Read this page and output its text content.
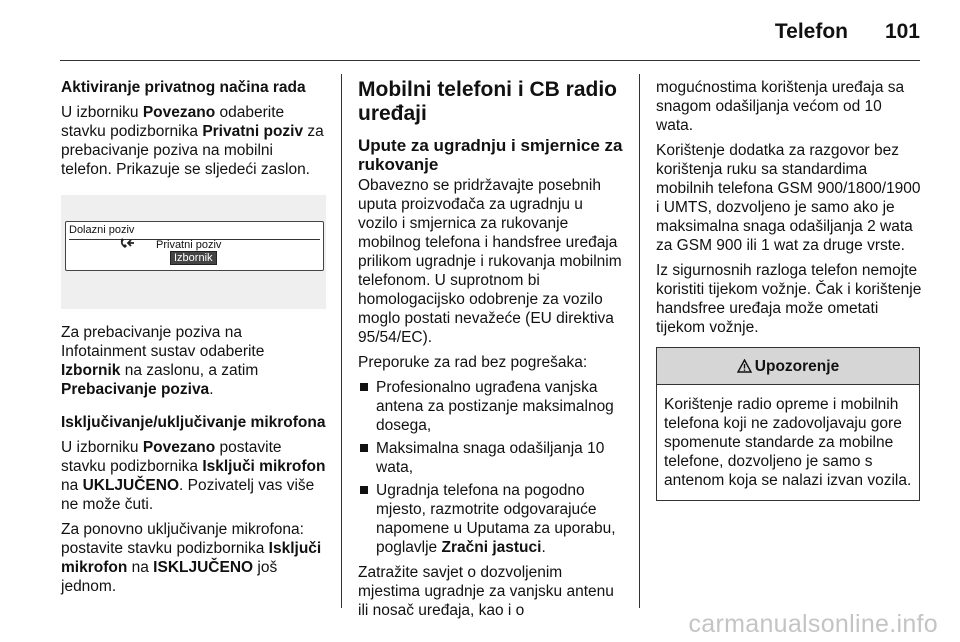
Telefon 101

Aktiviranje privatnog načina rada

U izborniku Povezano odaberite stavku podizbornika Privatni poziv za prebacivanje poziva na mobilni telefon. Prikazuje se sljedeći zaslon.

Dolazni poziv
Privatni poziv
Izbornik

Za prebacivanje poziva na Infotainment sustav odaberite Izbornik na zaslonu, a zatim Prebacivanje poziva.

Isključivanje/uključivanje mikrofona

U izborniku Povezano postavite stavku podizbornika Isključi mikrofon na UKLJUČENO. Pozivatelj vas više ne može čuti.

Za ponovno uključivanje mikrofona: postavite stavku podizbornika Isključi mikrofon na ISKLJUČENO još jednom.

Mobilni telefoni i CB radio uređaji
Upute za ugradnju i smjernice za rukovanje

Obavezno se pridržavajte posebnih uputa proizvođača za ugradnju u vozilo i smjernica za rukovanje mobilnog telefona i handsfree uređaja prilikom ugradnje i rukovanja mobilnim telefonom. U suprotnom bi homologacijsko odobrenje za vozilo moglo postati nevažeće (EU direktiva 95/54/EC).

Preporuke za rad bez pogrešaka:

Profesionalno ugrađena vanjska antena za postizanje maksimalnog dosega,
Maksimalna snaga odašiljanja 10 wata,
Ugradnja telefona na pogodno mjesto, razmotrite odgovarajuće napomene u Uputama za uporabu, poglavlje Zračni jastuci.

Zatražite savjet o dozvoljenim mjestima ugradnje za vanjsku antenu ili nosač uređaja, kao i o

mogućnostima korištenja uređaja sa snagom odašiljanja većom od 10 wata.

Korištenje dodatka za razgovor bez korištenja ruku sa standardima mobilnih telefona GSM 900/1800/1900 i UMTS, dozvoljeno je samo ako je maksimalna snaga odašiljanja 2 wata za GSM 900 ili 1 wat za druge vrste.

Iz sigurnosnih razloga telefon nemojte koristiti tijekom vožnje. Čak i korištenje handsfree uređaja može ometati tijekom vožnje.

Upozorenje
Korištenje radio opreme i mobilnih telefona koji ne zadovoljavaju gore spomenute standarde za mobilne telefone, dozvoljeno je samo s antenom koja se nalazi izvan vozila.
carmanualsonline.info
